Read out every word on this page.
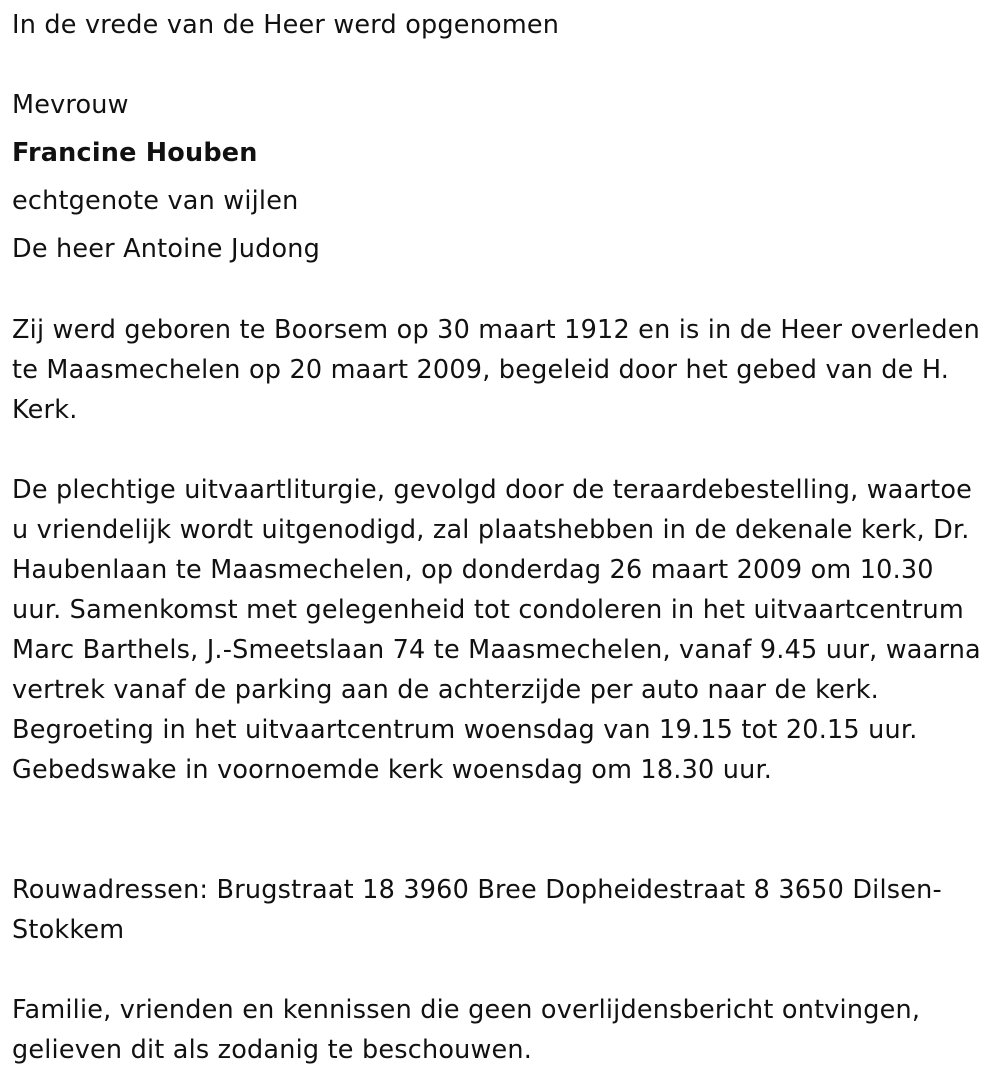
In de vrede van de Heer werd opgenomen

Mevrouw

Francine Houben

echtgenote van wijlen

De heer Antoine Judong

Zij werd geboren te Boorsem op 30 maart 1912 en is in de Heer overleden te Maasmechelen op 20 maart 2009, begeleid door het gebed van de H. Kerk.

De plechtige uitvaartliturgie, gevolgd door de teraardebestelling, waartoe u vriendelijk wordt uitgenodigd, zal plaatshebben in de dekenale kerk, Dr. Haubenlaan te Maasmechelen, op donderdag 26 maart 2009 om 10.30 uur. Samenkomst met gelegenheid tot condoleren in het uitvaartcentrum Marc Barthels, J.-Smeetslaan 74 te Maasmechelen, vanaf 9.45 uur, waarna vertrek vanaf de parking aan de achterzijde per auto naar de kerk. Begroeting in het uitvaartcentrum woensdag van 19.15 tot 20.15 uur. Gebedswake in voornoemde kerk woensdag om 18.30 uur.

Rouwadressen: Brugstraat 18 3960 Bree Dopheidestraat 8 3650 Dilsen-Stokkem

Familie, vrienden en kennissen die geen overlijdensbericht ontvingen, gelieven dit als zodanig te beschouwen.
